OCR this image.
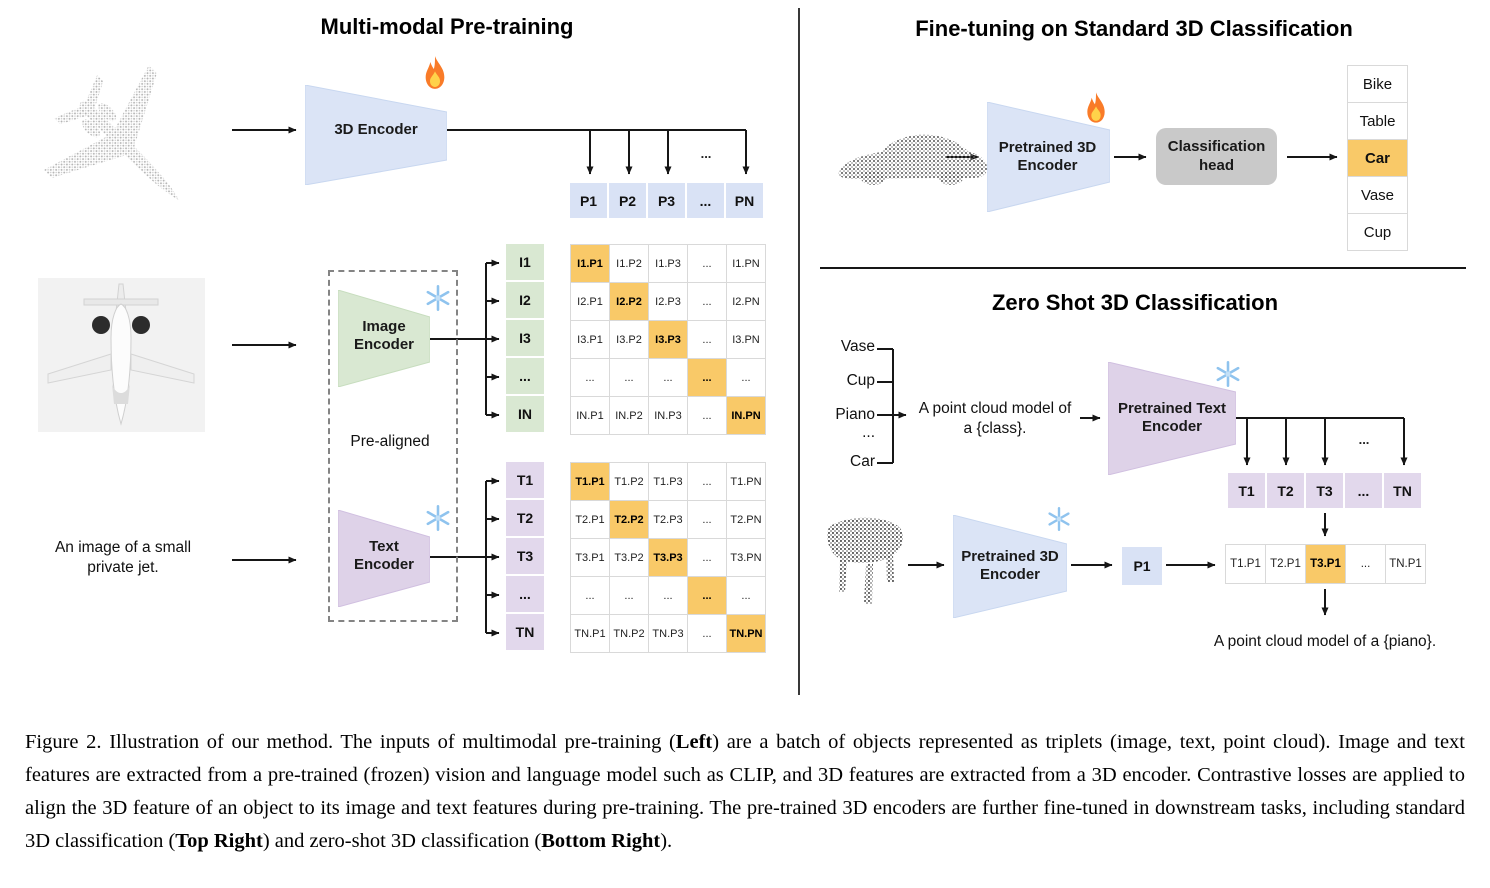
Multi-modal Pre-training
3D Encoder
...
P1	P2	P3	...	PN
Image
Encoder
Pre-aligned
Text
Encoder
An image of a small
private jet.
I1
I2
I3
...
IN
I1.P1	I1.P2	I1.P3	...	I1.PN
I2.P1	I2.P2	I2.P3	...	I2.PN
I3.P1	I3.P2	I3.P3	...	I3.PN
...	...	...	...	...
IN.P1	IN.P2	IN.P3	...	IN.PN
T1
T2
T3
...
TN
T1.P1 T1.P2 T1.P3	...	T1.PN
T2.P1 T2.P2 T2.P3	...	T2.PN
T3.P1 T3.P2 T3.P3	...	T3.PN
...	...	...	...	...
TN.P1 TN.P2 TN.P3	...	TN.PN
Fine-tuning on Standard 3D Classification
Pretrained 3D
Encoder
Classification
head
Bike
Table
Car
Vase
Cup
Zero Shot 3D Classification
Vase
Cup
Piano
...
Car
A point cloud model of
a {class}.
Pretrained Text
Encoder
...
T1	T2	T3	...	TN
Pretrained 3D
Encoder	P1	T1.P1 T2.P1 T3.P1	...	TN.P1
A point cloud model of a {piano}.

Figure 2. Illustration of our method. The inputs of multimodal pre-training (Left) are a batch of objects represented as triplets (image, text, point cloud). Image and text features are extracted from a pre-trained (frozen) vision and language model such as CLIP, and 3D features are extracted from a 3D encoder. Contrastive losses are applied to align the 3D feature of an object to its image and text features during pre-training. The pre-trained 3D encoders are further fine-tuned in downstream tasks, including standard 3D classification (Top Right) and zero-shot 3D classification (Bottom Right).
